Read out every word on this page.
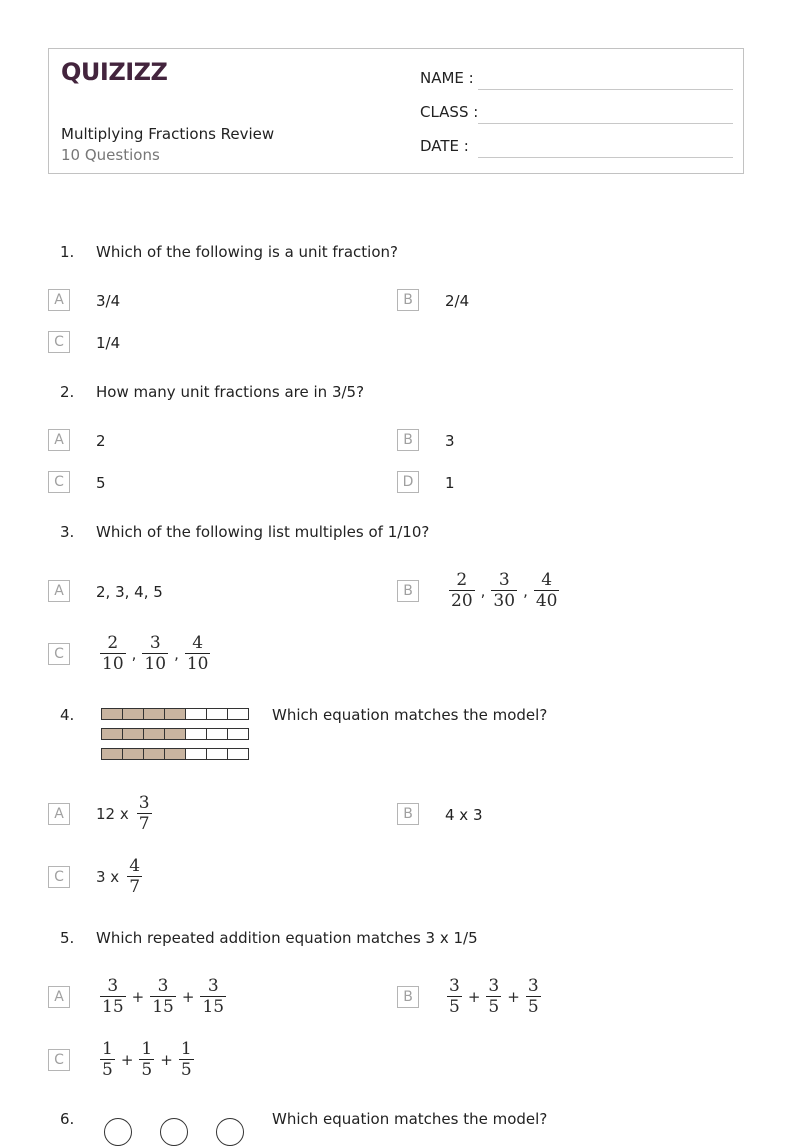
QUIZIZZ
Multiplying Fractions Review
10 Questions
NAME :
CLASS :
DATE :
1. Which of the following is a unit fraction?
A	3/4	B	2/4
C	1/4
2. How many unit fractions are in 3/5?
A	2	B	3
C	5	D	1
3. Which of the following list multiples of 1/10?
A	2, 3, 4, 5	B	$\frac{2}{20}$ , $\frac{3}{30}$ , $\frac{4}{40}$
C	$\frac{2}{10}$ , $\frac{3}{10}$ , $\frac{4}{10}$
4.	Which equation matches the model?
A	12 x $\frac{3}{7}$	B	4 x 3
C	3 x $\frac{4}{7}$
5. Which repeated addition equation matches 3 x 1/5
A	$\frac{3}{15} + \frac{3}{15} + \frac{3}{15}$	B	$\frac{3}{5} + \frac{3}{5} + \frac{3}{5}$
C	$\frac{1}{5} + \frac{1}{5} + \frac{1}{5}$
6.	Which equation matches the model?
